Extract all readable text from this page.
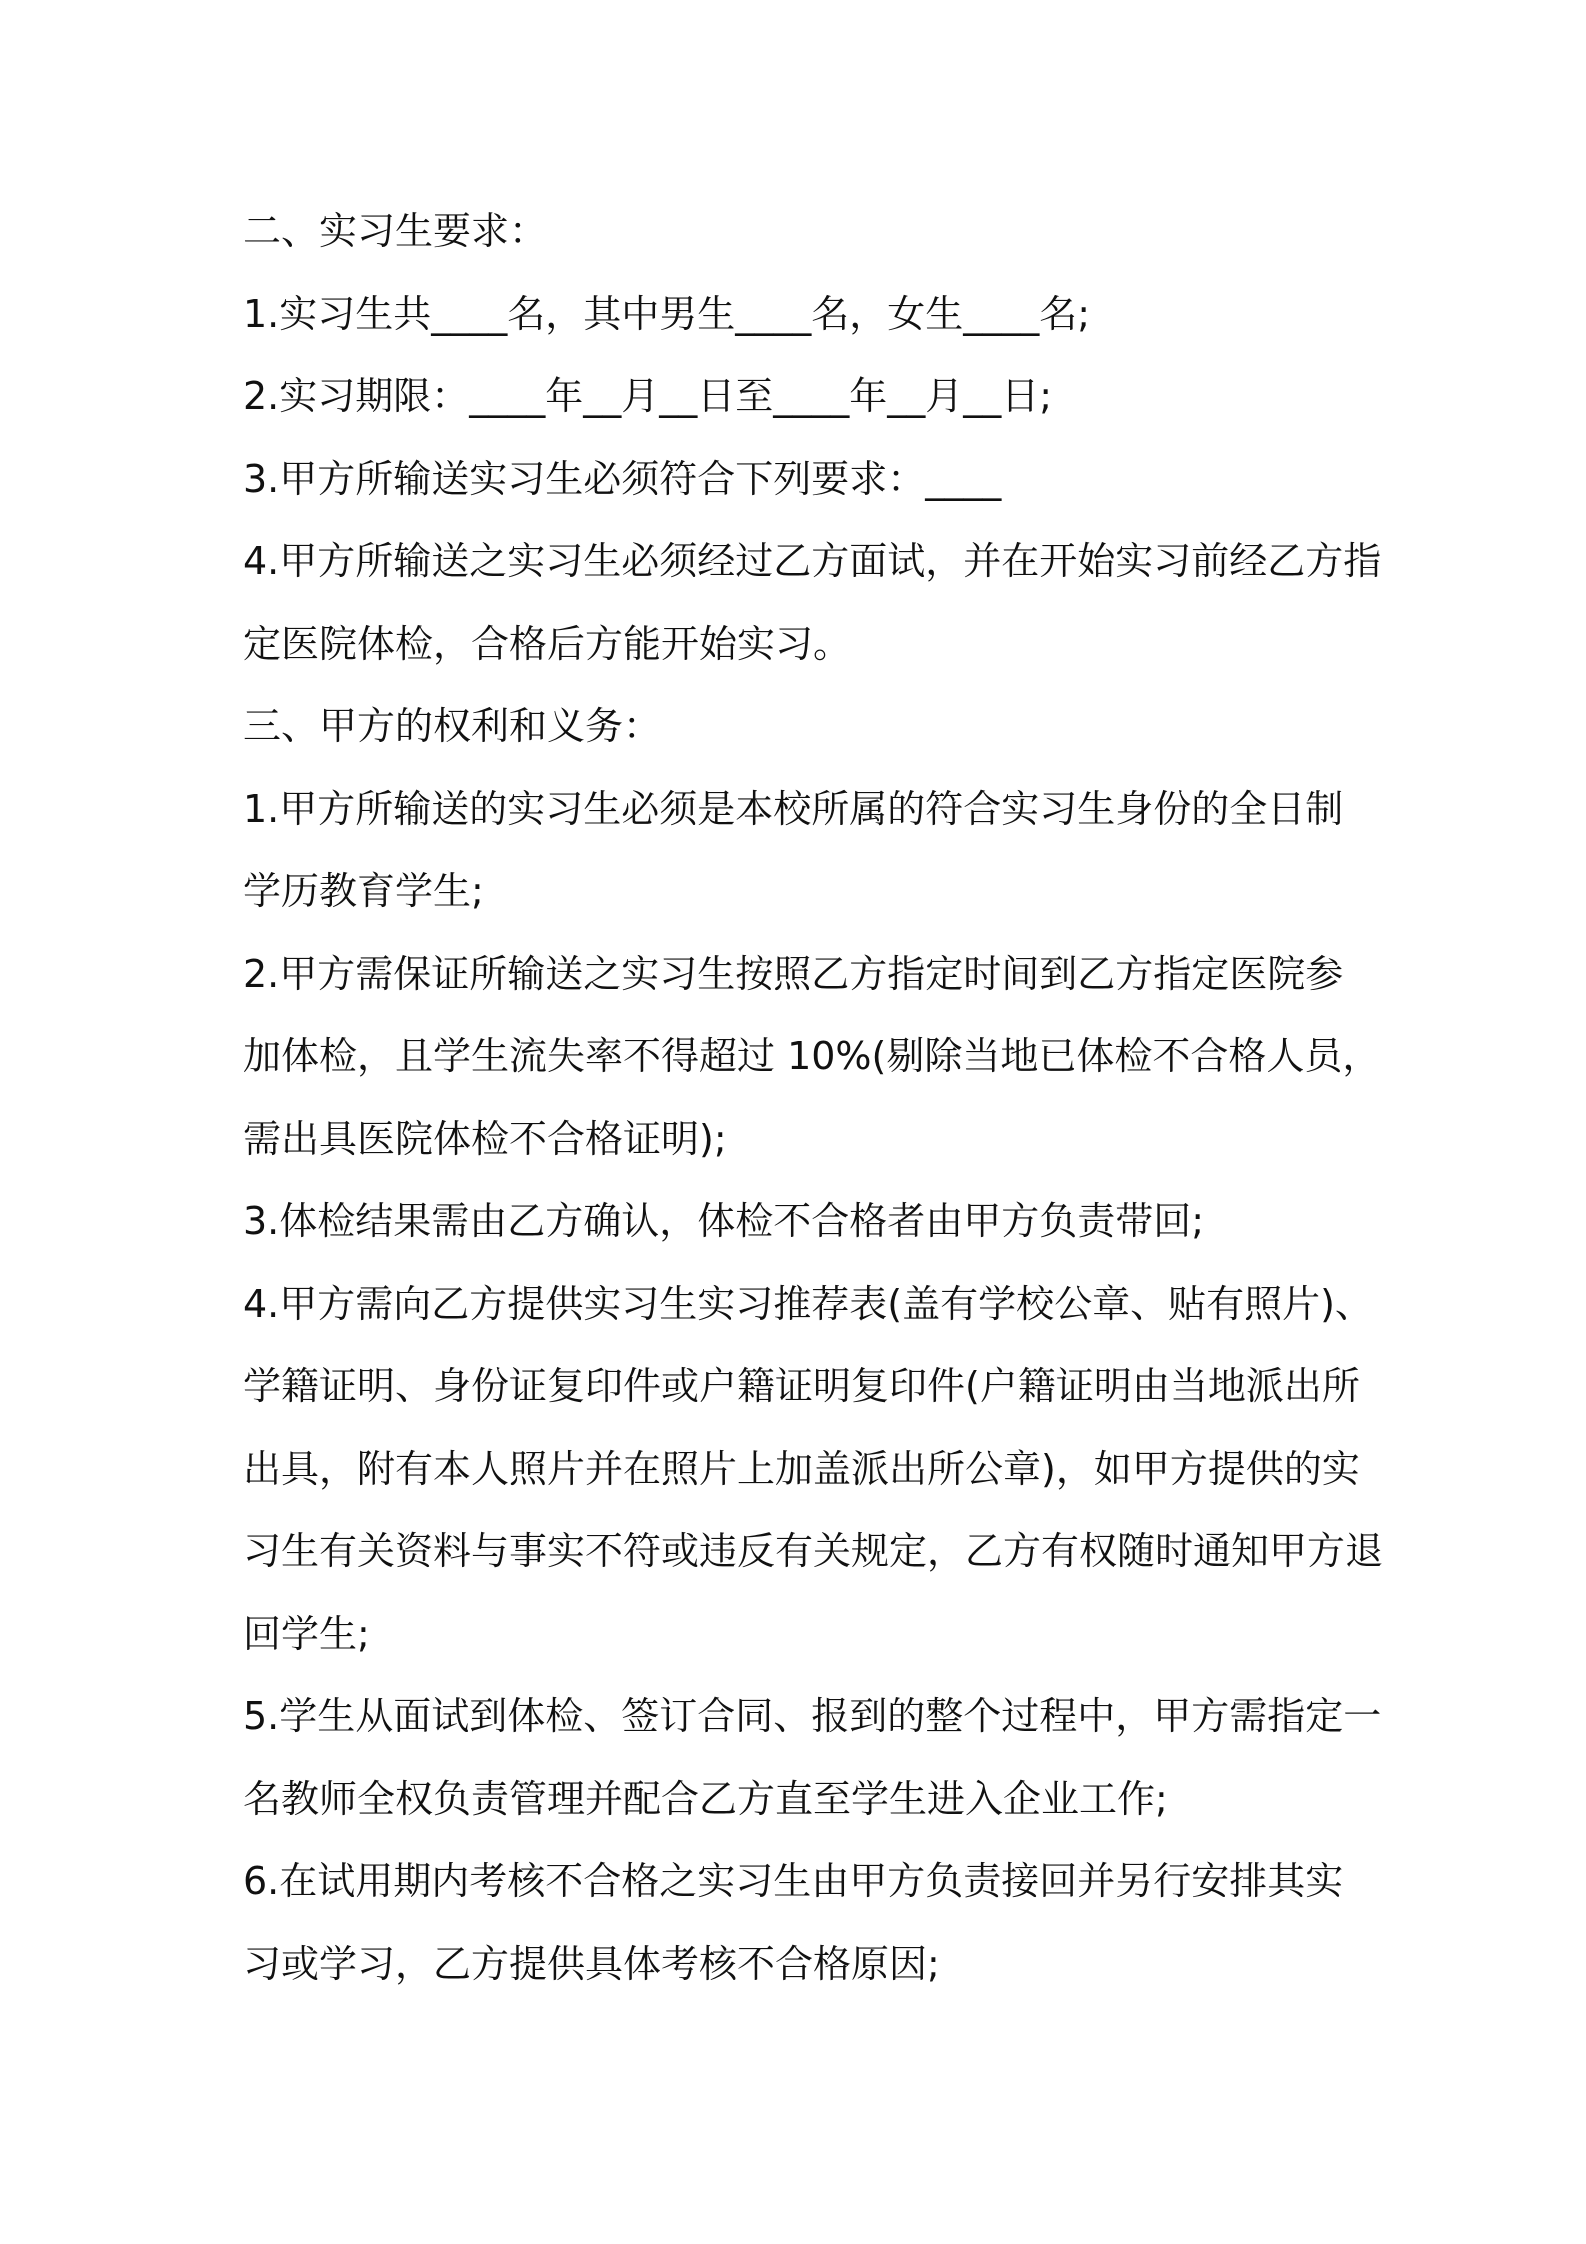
二、实习生要求：
1.实习生共____名，其中男生____名，女生____名;
2.实习期限：____年__月__日至____年__月__日;
3.甲方所输送实习生必须符合下列要求：____
4.甲方所输送之实习生必须经过乙方面试，并在开始实习前经乙方指
定医院体检，合格后方能开始实习。
三、甲方的权利和义务：
1.甲方所输送的实习生必须是本校所属的符合实习生身份的全日制
学历教育学生;
2.甲方需保证所输送之实习生按照乙方指定时间到乙方指定医院参
加体检，且学生流失率不得超过 10%(剔除当地已体检不合格人员，
需出具医院体检不合格证明);
3.体检结果需由乙方确认，体检不合格者由甲方负责带回;
4.甲方需向乙方提供实习生实习推荐表(盖有学校公章、贴有照片)、
学籍证明、身份证复印件或户籍证明复印件(户籍证明由当地派出所
出具，附有本人照片并在照片上加盖派出所公章)，如甲方提供的实
习生有关资料与事实不符或违反有关规定，乙方有权随时通知甲方退
回学生;
5.学生从面试到体检、签订合同、报到的整个过程中，甲方需指定一
名教师全权负责管理并配合乙方直至学生进入企业工作;
6.在试用期内考核不合格之实习生由甲方负责接回并另行安排其实
习或学习，乙方提供具体考核不合格原因;
